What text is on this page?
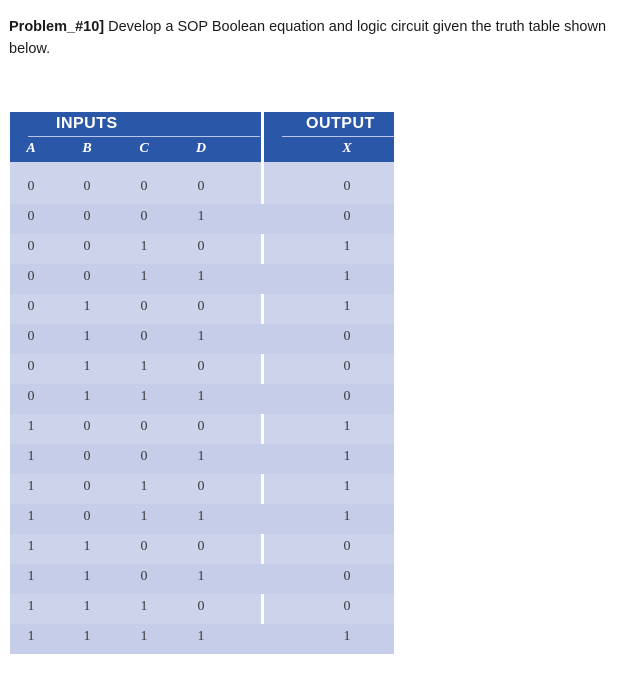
Problem_#10] Develop a SOP Boolean equation and logic circuit given the truth table shown below.
INPUTS	OUTPUT
A	B	C	D	X
0	0	0	0	0
0	0	0	1	0
0	0	1	0	1
0	0	1	1	1
0	1	0	0	1
0	1	0	1	0
0	1	1	0	0
0	1	1	1	0
1	0	0	0	1
1	0	0	1	1
1	0	1	0	1
1	0	1	1	1
1	1	0	0	0
1	1	0	1	0
1	1	1	0	0
1	1	1	1	1
